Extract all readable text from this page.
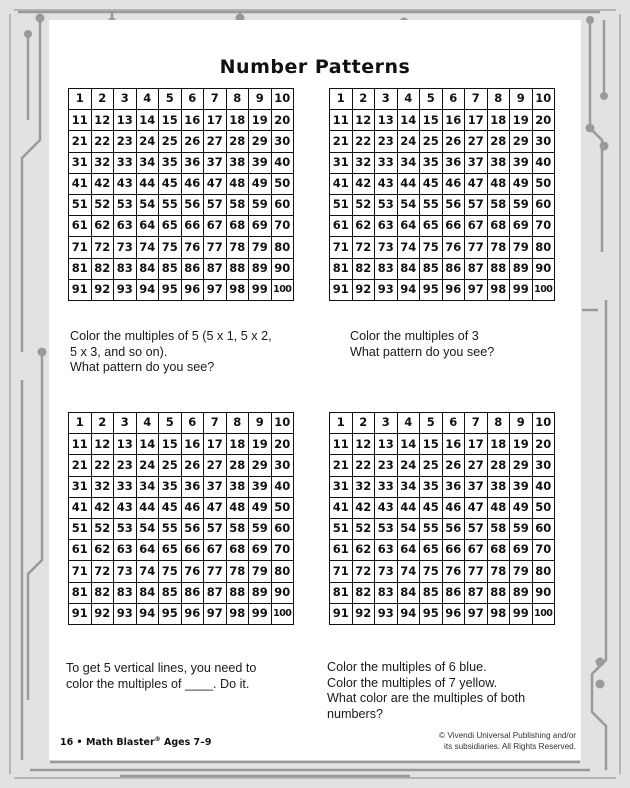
Number Patterns
1	2	3	4	5	6	7	8	9	10
11	12	13	14	15	16	17	18	19	20
21	22	23	24	25	26	27	28	29	30
31	32	33	34	35	36	37	38	39	40
41	42	43	44	45	46	47	48	49	50
51	52	53	54	55	56	57	58	59	60
61	62	63	64	65	66	67	68	69	70
71	72	73	74	75	76	77	78	79	80
81	82	83	84	85	86	87	88	89	90
91	92	93	94	95	96	97	98	99	100
1	2	3	4	5	6	7	8	9	10
11	12	13	14	15	16	17	18	19	20
21	22	23	24	25	26	27	28	29	30
31	32	33	34	35	36	37	38	39	40
41	42	43	44	45	46	47	48	49	50
51	52	53	54	55	56	57	58	59	60
61	62	63	64	65	66	67	68	69	70
71	72	73	74	75	76	77	78	79	80
81	82	83	84	85	86	87	88	89	90
91	92	93	94	95	96	97	98	99	100
1	2	3	4	5	6	7	8	9	10
11	12	13	14	15	16	17	18	19	20
21	22	23	24	25	26	27	28	29	30
31	32	33	34	35	36	37	38	39	40
41	42	43	44	45	46	47	48	49	50
51	52	53	54	55	56	57	58	59	60
61	62	63	64	65	66	67	68	69	70
71	72	73	74	75	76	77	78	79	80
81	82	83	84	85	86	87	88	89	90
91	92	93	94	95	96	97	98	99	100
1	2	3	4	5	6	7	8	9	10
11	12	13	14	15	16	17	18	19	20
21	22	23	24	25	26	27	28	29	30
31	32	33	34	35	36	37	38	39	40
41	42	43	44	45	46	47	48	49	50
51	52	53	54	55	56	57	58	59	60
61	62	63	64	65	66	67	68	69	70
71	72	73	74	75	76	77	78	79	80
81	82	83	84	85	86	87	88	89	90
91	92	93	94	95	96	97	98	99	100
Color the multiples of 5 (5 x 1, 5 x 2,
5 x 3, and so on).
What pattern do you see?
Color the multiples of 3
What pattern do you see?
To get 5 vertical lines, you need to
color the multiples of ____. Do it.
Color the multiples of 6 blue.
Color the multiples of 7 yellow.
What color are the multiples of both
numbers?
16 • Math Blaster® Ages 7–9
© Vivendi Universal Publishing and/or
its subsidiaries. All Rights Reserved.
